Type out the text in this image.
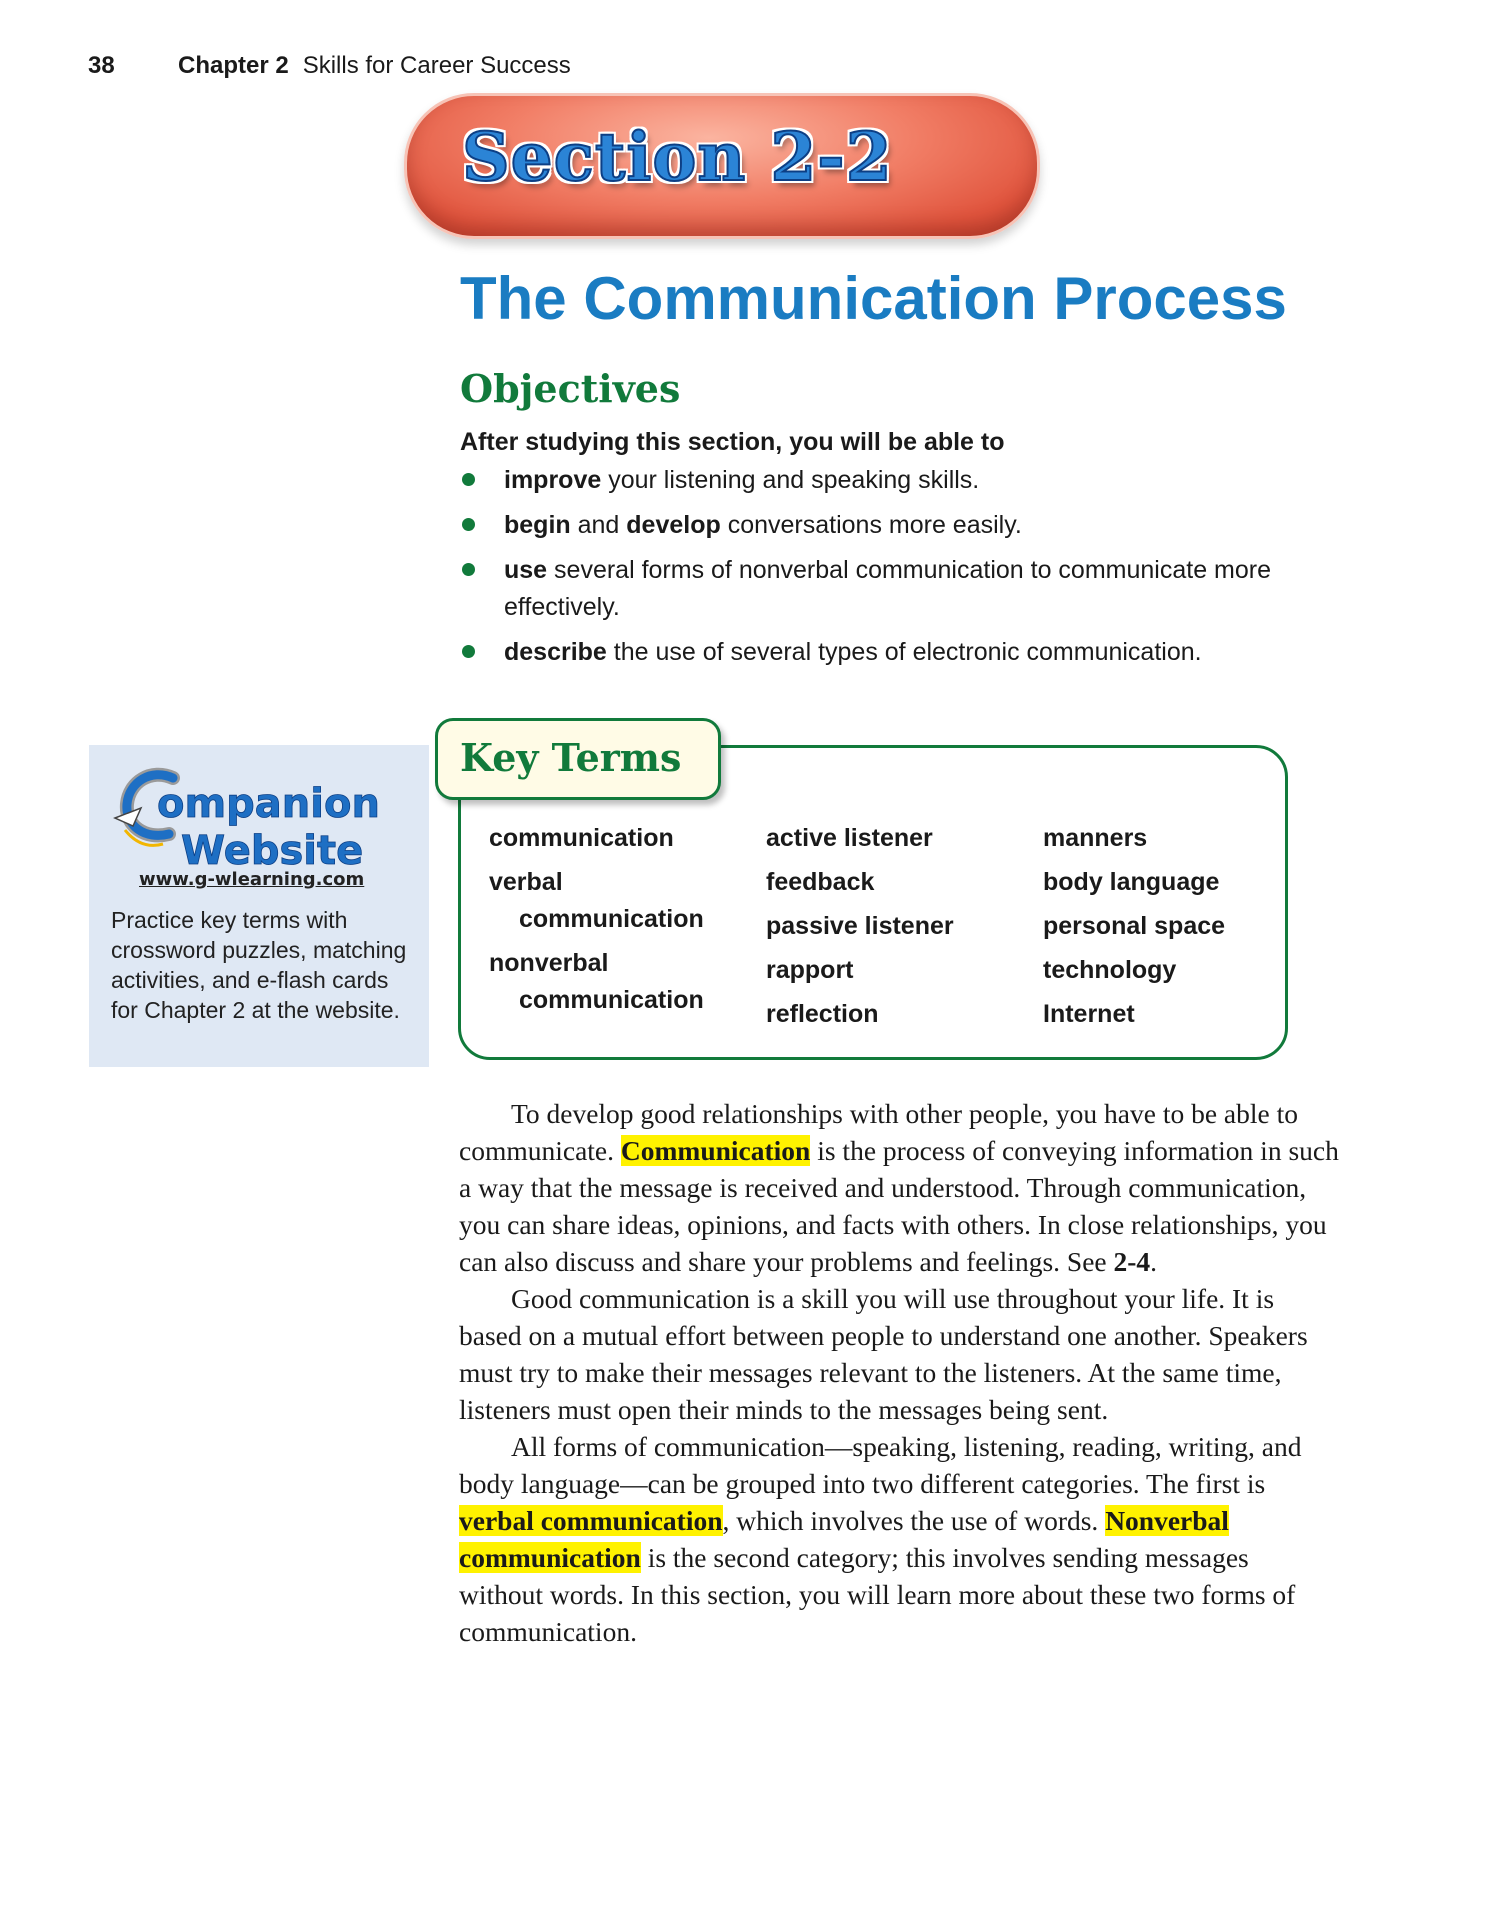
38	Chapter 2 Skills for Career Success
Section 2-2
The Communication Process
Objectives
After studying this section, you will be able to
improve your listening and speaking skills.
begin and develop conversations more easily.
use several forms of nonverbal communication to communicate more effectively.
describe the use of several types of electronic communication.
ompanion
Website
www.g-wlearning.com
Practice key terms with crossword puzzles, matching activities, and e-flash cards for Chapter 2 at the website.
Key Terms
communication
verbal
communication
nonverbal
communication
active listener
feedback
passive listener
rapport
reflection
manners
body language
personal space
technology
Internet

To develop good relationships with other people, you have to be able to communicate. Communication is the process of conveying information in such a way that the message is received and understood. Through communication, you can share ideas, opinions, and facts with others. In close relationships, you can also discuss and share your problems and feelings. See 2-4.

Good communication is a skill you will use throughout your life. It is based on a mutual effort between people to understand one another. Speakers must try to make their messages relevant to the listeners. At the same time, listeners must open their minds to the messages being sent.

All forms of communication—speaking, listening, reading, writing, and body language—can be grouped into two different categories. The first is verbal communication, which involves the use of words. Nonverbal communication is the second category; this involves sending messages without words. In this section, you will learn more about these two forms of communication.
